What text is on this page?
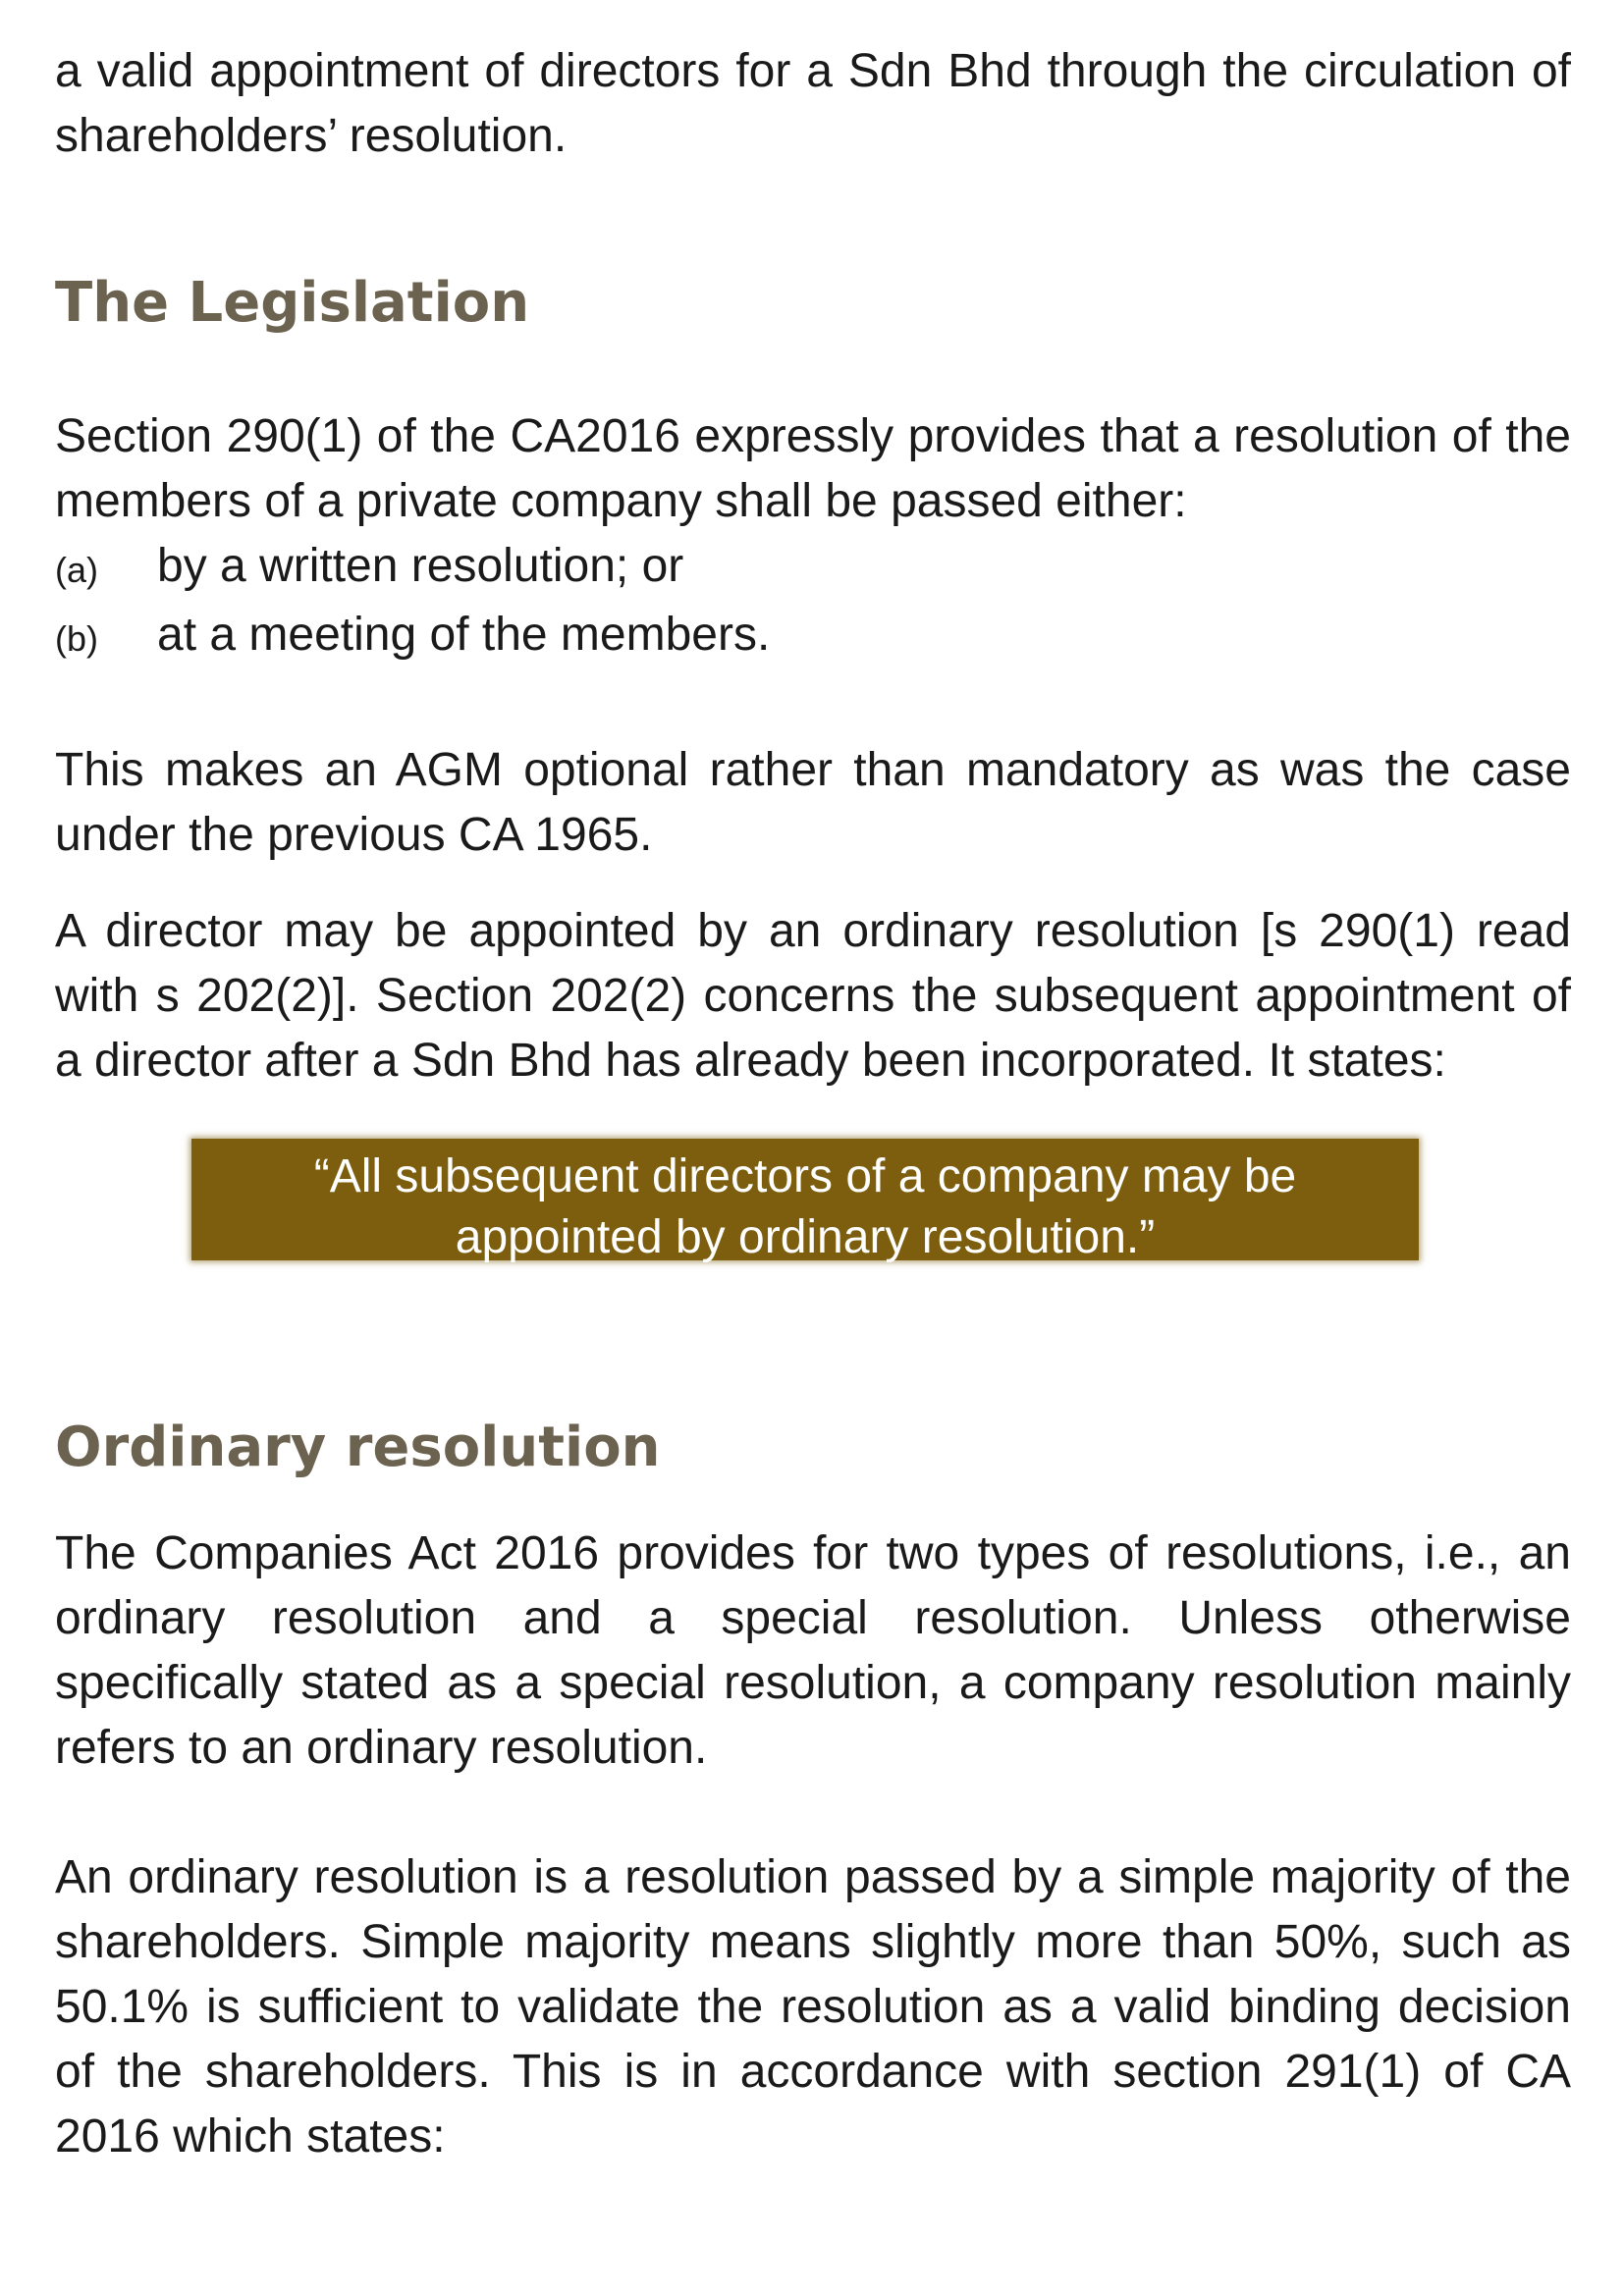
a valid appointment of directors for a Sdn Bhd through the circulation of shareholders’ resolution.

The Legislation

Section 290(1) of the CA2016 expressly provides that a resolution of the members of a private company shall be passed either:

(a)	by a written resolution; or
(b)	at a meeting of the members.

This makes an AGM optional rather than mandatory as was the case under the previous CA 1965.

A director may be appointed by an ordinary resolution [s 290(1) read with s 202(2)]. Section 202(2) concerns the subsequent appointment of a director after a Sdn Bhd has already been incorporated. It states:

“All subsequent directors of a company may be
appointed by ordinary resolution.”
Ordinary resolution

The Companies Act 2016 provides for two types of resolutions, i.e., an ordinary resolution and a special resolution. Unless otherwise specifically stated as a special resolution, a company resolution mainly refers to an ordinary resolution.

An ordinary resolution is a resolution passed by a simple majority of the shareholders. Simple majority means slightly more than 50%, such as 50.1% is sufficient to validate the resolution as a valid binding decision of the shareholders. This is in accordance with section 291(1) of CA 2016 which states:
